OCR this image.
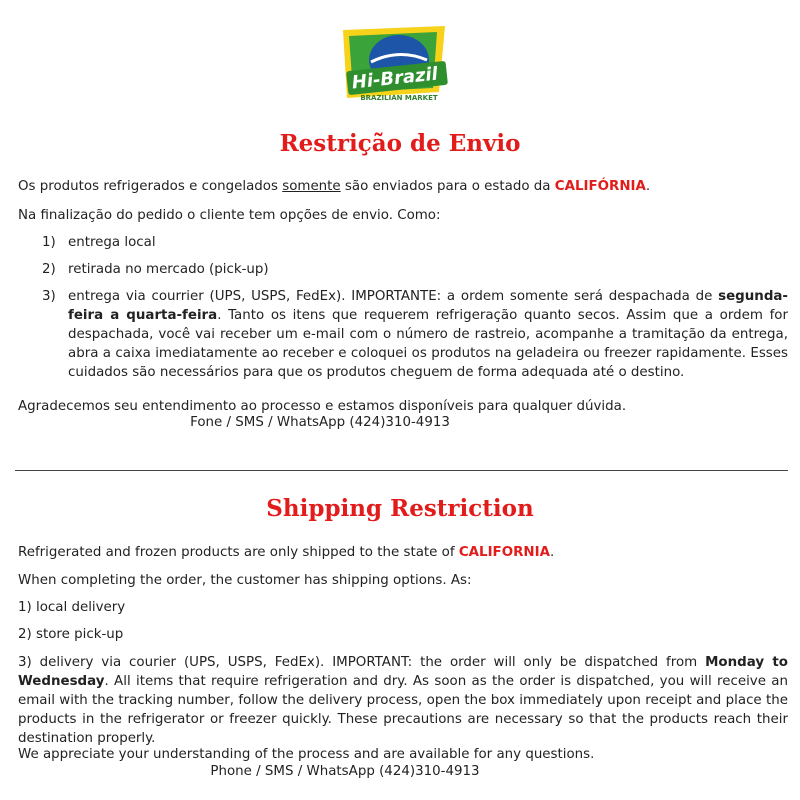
Hi-Brazil
BRAZILIAN MARKET
Restrição de Envio

Os produtos refrigerados e congelados somente são enviados para o estado da CALIFÓRNIA.

Na finalização do pedido o cliente tem opções de envio. Como:

1) entrega local
2) retirada no mercado (pick-up)
3) entrega via courrier (UPS, USPS, FedEx). IMPORTANTE: a ordem somente será despachada de segunda-feira a quarta-feira. Tanto os itens que requerem refrigeração quanto secos. Assim que a ordem for despachada, você vai receber um e-mail com o número de rastreio, acompanhe a tramitação da entrega, abra a caixa imediatamente ao receber e coloquei os produtos na geladeira ou freezer rapidamente. Esses cuidados são necessários para que os produtos cheguem de forma adequada até o destino.

Agradecemos seu entendimento ao processo e estamos disponíveis para qualquer dúvida.

Fone / SMS / WhatsApp (424)310-4913
Shipping Restriction

Refrigerated and frozen products are only shipped to the state of CALIFORNIA.

When completing the order, the customer has shipping options. As:

1) local delivery

2) store pick-up

3) delivery via courier (UPS, USPS, FedEx). IMPORTANT: the order will only be dispatched from Monday to Wednesday. All items that require refrigeration and dry. As soon as the order is dispatched, you will receive an email with the tracking number, follow the delivery process, open the box immediately upon receipt and place the products in the refrigerator or freezer quickly. These precautions are necessary so that the products reach their destination properly.

We appreciate your understanding of the process and are available for any questions.

Phone / SMS / WhatsApp (424)310-4913
